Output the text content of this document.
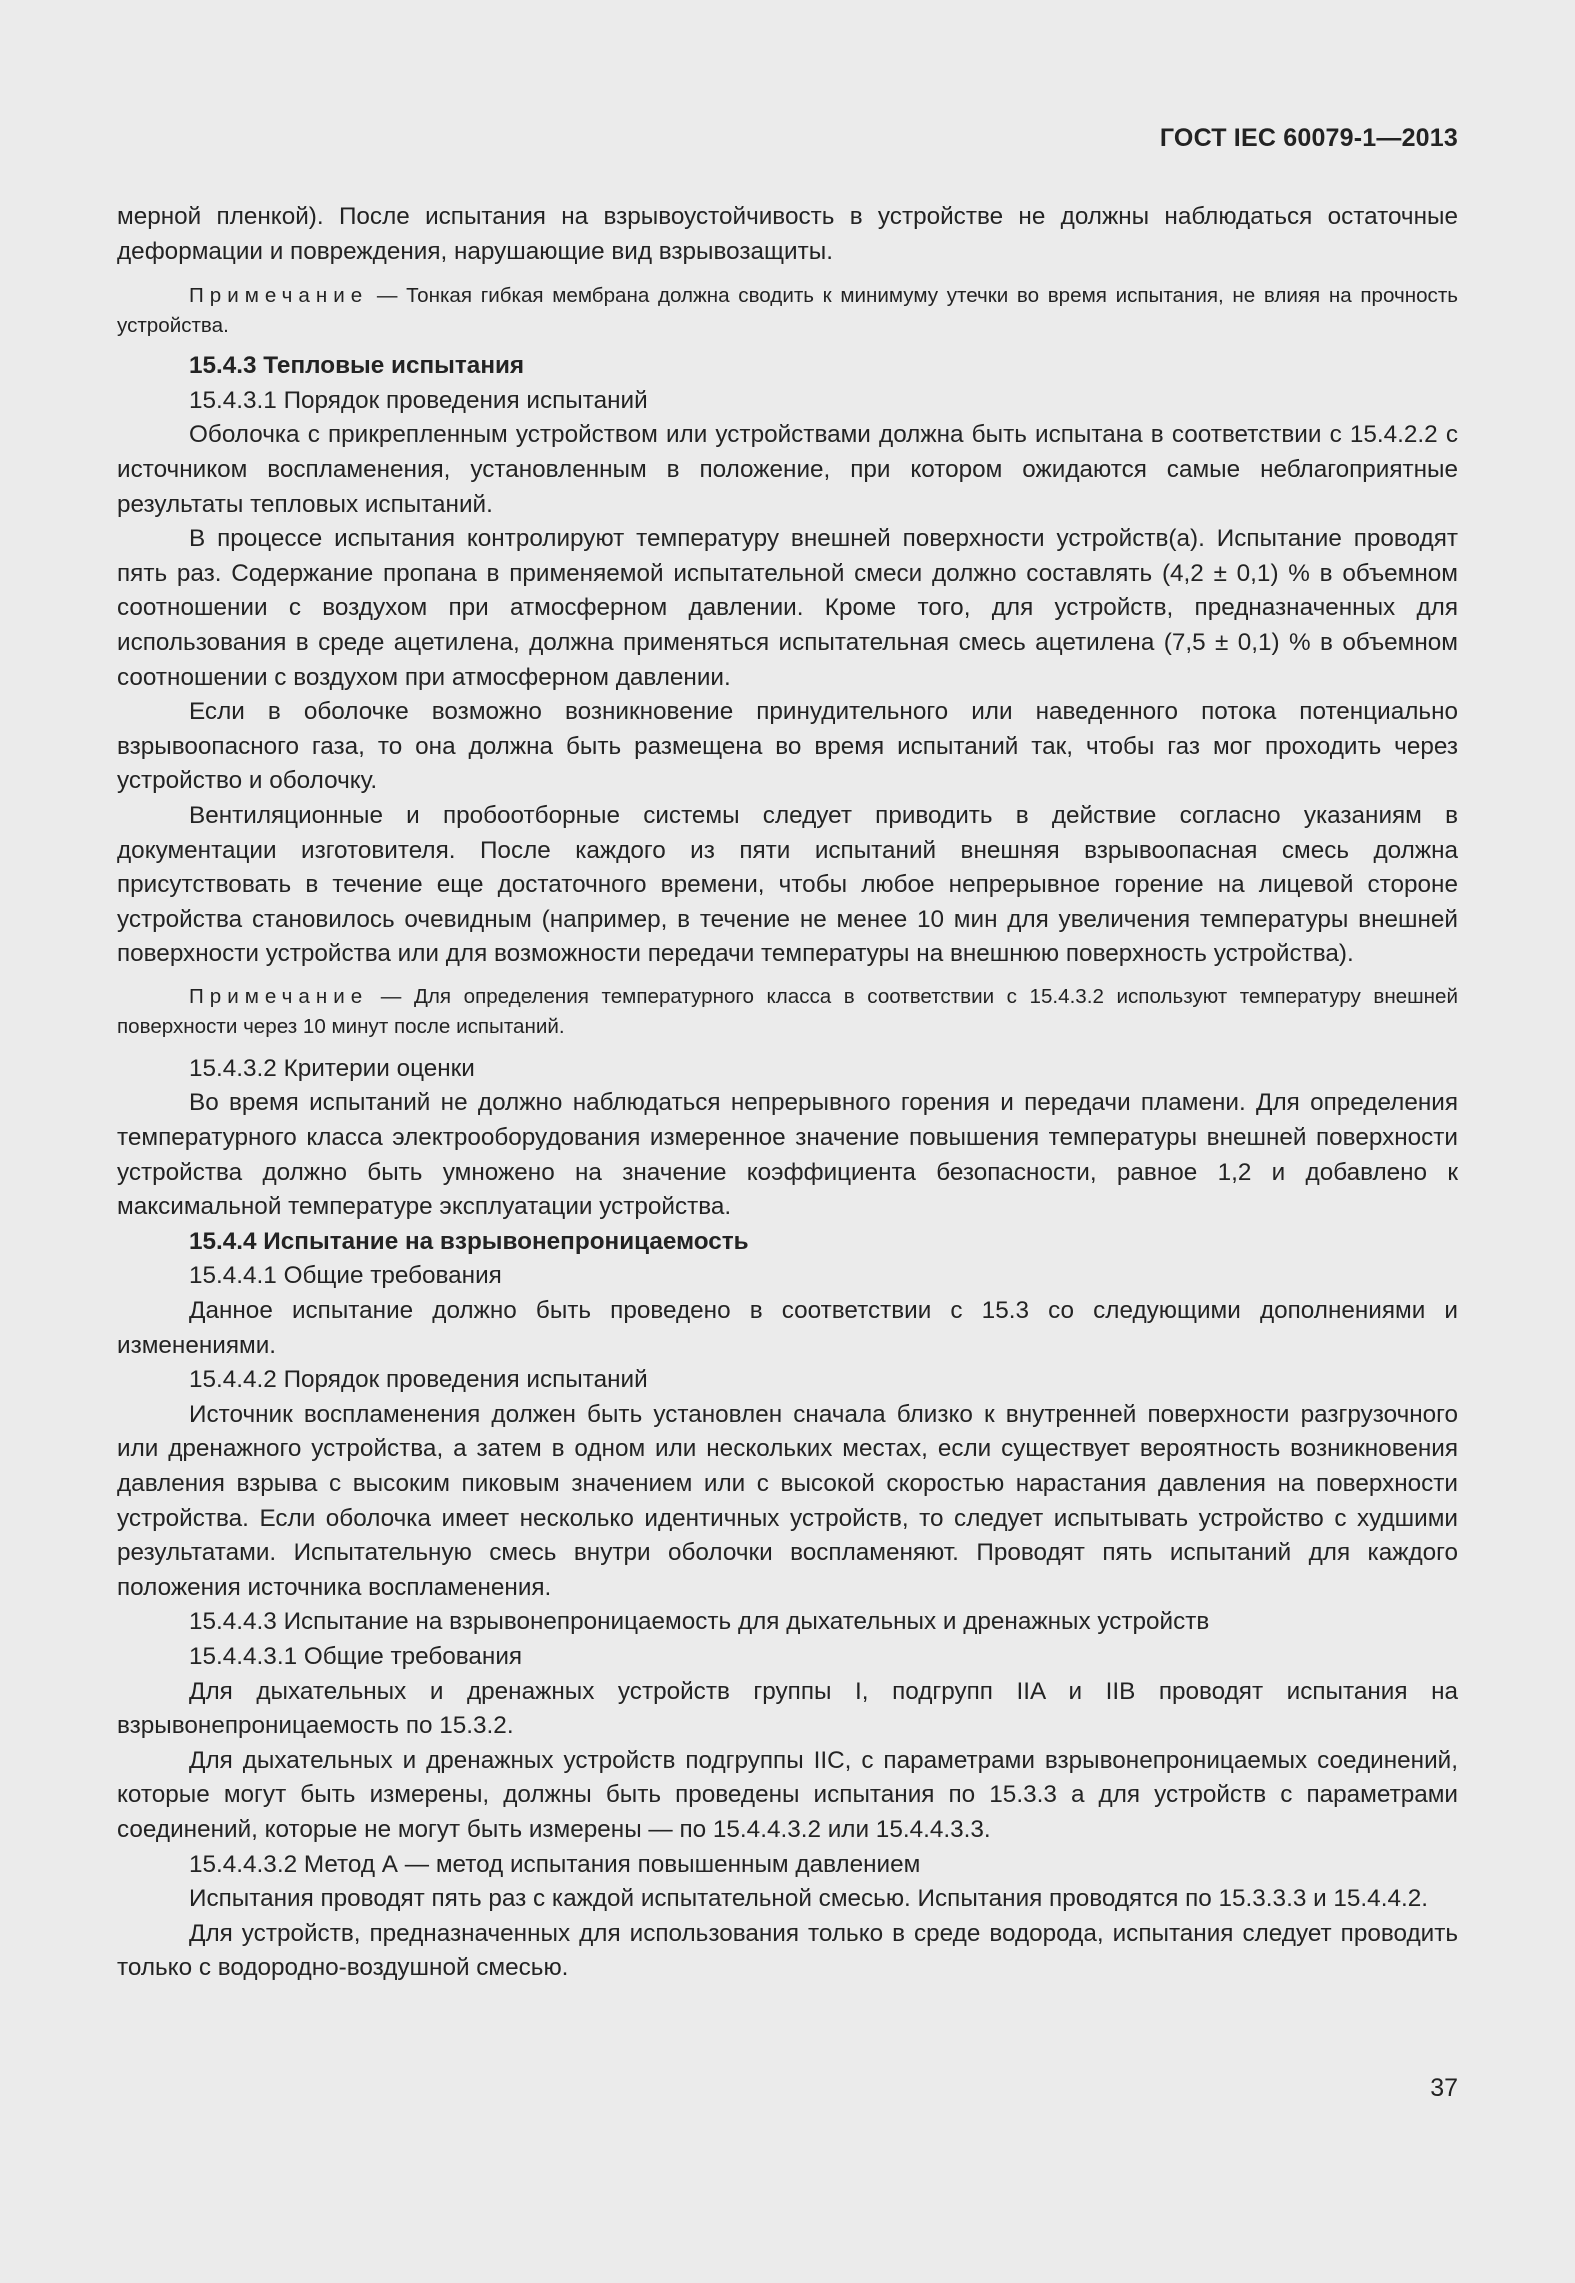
ГОСТ IEC 60079-1—2013

мерной пленкой). После испытания на взрывоустойчивость в устройстве не должны наблюдаться остаточные деформации и повреждения, нарушающие вид взрывозащиты.

Примечание — Тонкая гибкая мембрана должна сводить к минимуму утечки во время испытания, не влияя на прочность устройства.

15.4.3 Тепловые испытания

15.4.3.1 Порядок проведения испытаний

Оболочка с прикрепленным устройством или устройствами должна быть испытана в соответствии с 15.4.2.2 с источником воспламенения, установленным в положение, при котором ожидаются самые неблагоприятные результаты тепловых испытаний.

В процессе испытания контролируют температуру внешней поверхности устройств(а). Испытание проводят пять раз. Содержание пропана в применяемой испытательной смеси должно составлять (4,2 ± 0,1) % в объемном соотношении с воздухом при атмосферном давлении. Кроме того, для устройств, предназначенных для использования в среде ацетилена, должна применяться испытательная смесь ацетилена (7,5 ± 0,1) % в объемном соотношении с воздухом при атмосферном давлении.

Если в оболочке возможно возникновение принудительного или наведенного потока потенциально взрывоопасного газа, то она должна быть размещена во время испытаний так, чтобы газ мог проходить через устройство и оболочку.

Вентиляционные и пробоотборные системы следует приводить в действие согласно указаниям в документации изготовителя. После каждого из пяти испытаний внешняя взрывоопасная смесь должна присутствовать в течение еще достаточного времени, чтобы любое непрерывное горение на лицевой стороне устройства становилось очевидным (например, в течение не менее 10 мин для увеличения температуры внешней поверхности устройства или для возможности передачи температуры на внешнюю поверхность устройства).

Примечание — Для определения температурного класса в соответствии с 15.4.3.2 используют температуру внешней поверхности через 10 минут после испытаний.

15.4.3.2 Критерии оценки

Во время испытаний не должно наблюдаться непрерывного горения и передачи пламени. Для определения температурного класса электрооборудования измеренное значение повышения температуры внешней поверхности устройства должно быть умножено на значение коэффициента безопасности, равное 1,2 и добавлено к максимальной температуре эксплуатации устройства.

15.4.4 Испытание на взрывонепроницаемость

15.4.4.1 Общие требования

Данное испытание должно быть проведено в соответствии с 15.3 со следующими дополнениями и изменениями.

15.4.4.2 Порядок проведения испытаний

Источник воспламенения должен быть установлен сначала близко к внутренней поверхности разгрузочного или дренажного устройства, а затем в одном или нескольких местах, если существует вероятность возникновения давления взрыва с высоким пиковым значением или с высокой скоростью нарастания давления на поверхности устройства. Если оболочка имеет несколько идентичных устройств, то следует испытывать устройство с худшими результатами. Испытательную смесь внутри оболочки воспламеняют. Проводят пять испытаний для каждого положения источника воспламенения.

15.4.4.3 Испытание на взрывонепроницаемость для дыхательных и дренажных устройств

15.4.4.3.1 Общие требования

Для дыхательных и дренажных устройств группы I, подгрупп IIA и IIB проводят испытания на взрывонепроницаемость по 15.3.2.

Для дыхательных и дренажных устройств подгруппы IIC, с параметрами взрывонепроницаемых соединений, которые могут быть измерены, должны быть проведены испытания по 15.3.3 а для устройств с параметрами соединений, которые не могут быть измерены — по 15.4.4.3.2 или 15.4.4.3.3.

15.4.4.3.2 Метод А — метод испытания повышенным давлением

Испытания проводят пять раз с каждой испытательной смесью. Испытания проводятся по 15.3.3.3 и 15.4.4.2.

Для устройств, предназначенных для использования только в среде водорода, испытания следует проводить только с водородно-воздушной смесью.

37
